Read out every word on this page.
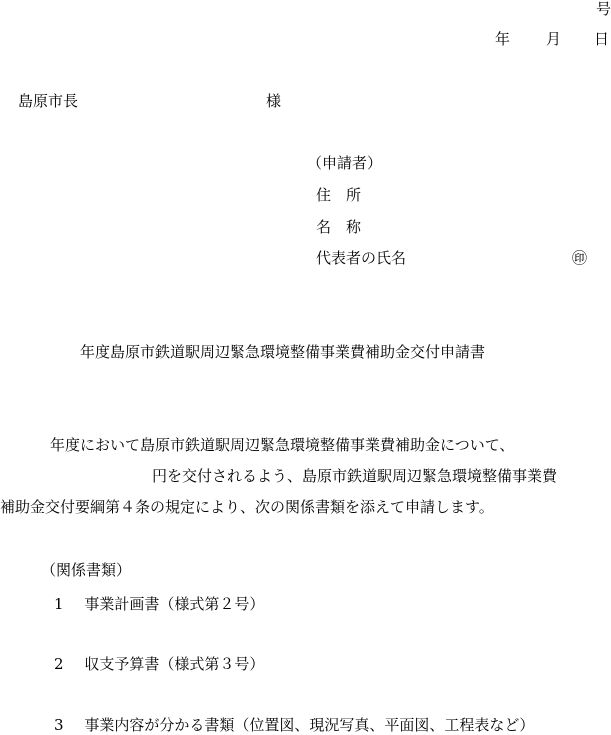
号
年 月 日
島原市長	様
（申請者）
住　所
名　称
代表者の氏名	㊞
年度島原市鉄道駅周辺緊急環境整備事業費補助金交付申請書
年度において島原市鉄道駅周辺緊急環境整備事業費補助金について、
円を交付されるよう、島原市鉄道駅周辺緊急環境整備事業費
補助金交付要綱第４条の規定により、次の関係書類を添えて申請します。
（関係書類）
1 事業計画書（様式第２号）
2 収支予算書（様式第３号）
3 事業内容が分かる書類（位置図、現況写真、平面図、工程表など）
